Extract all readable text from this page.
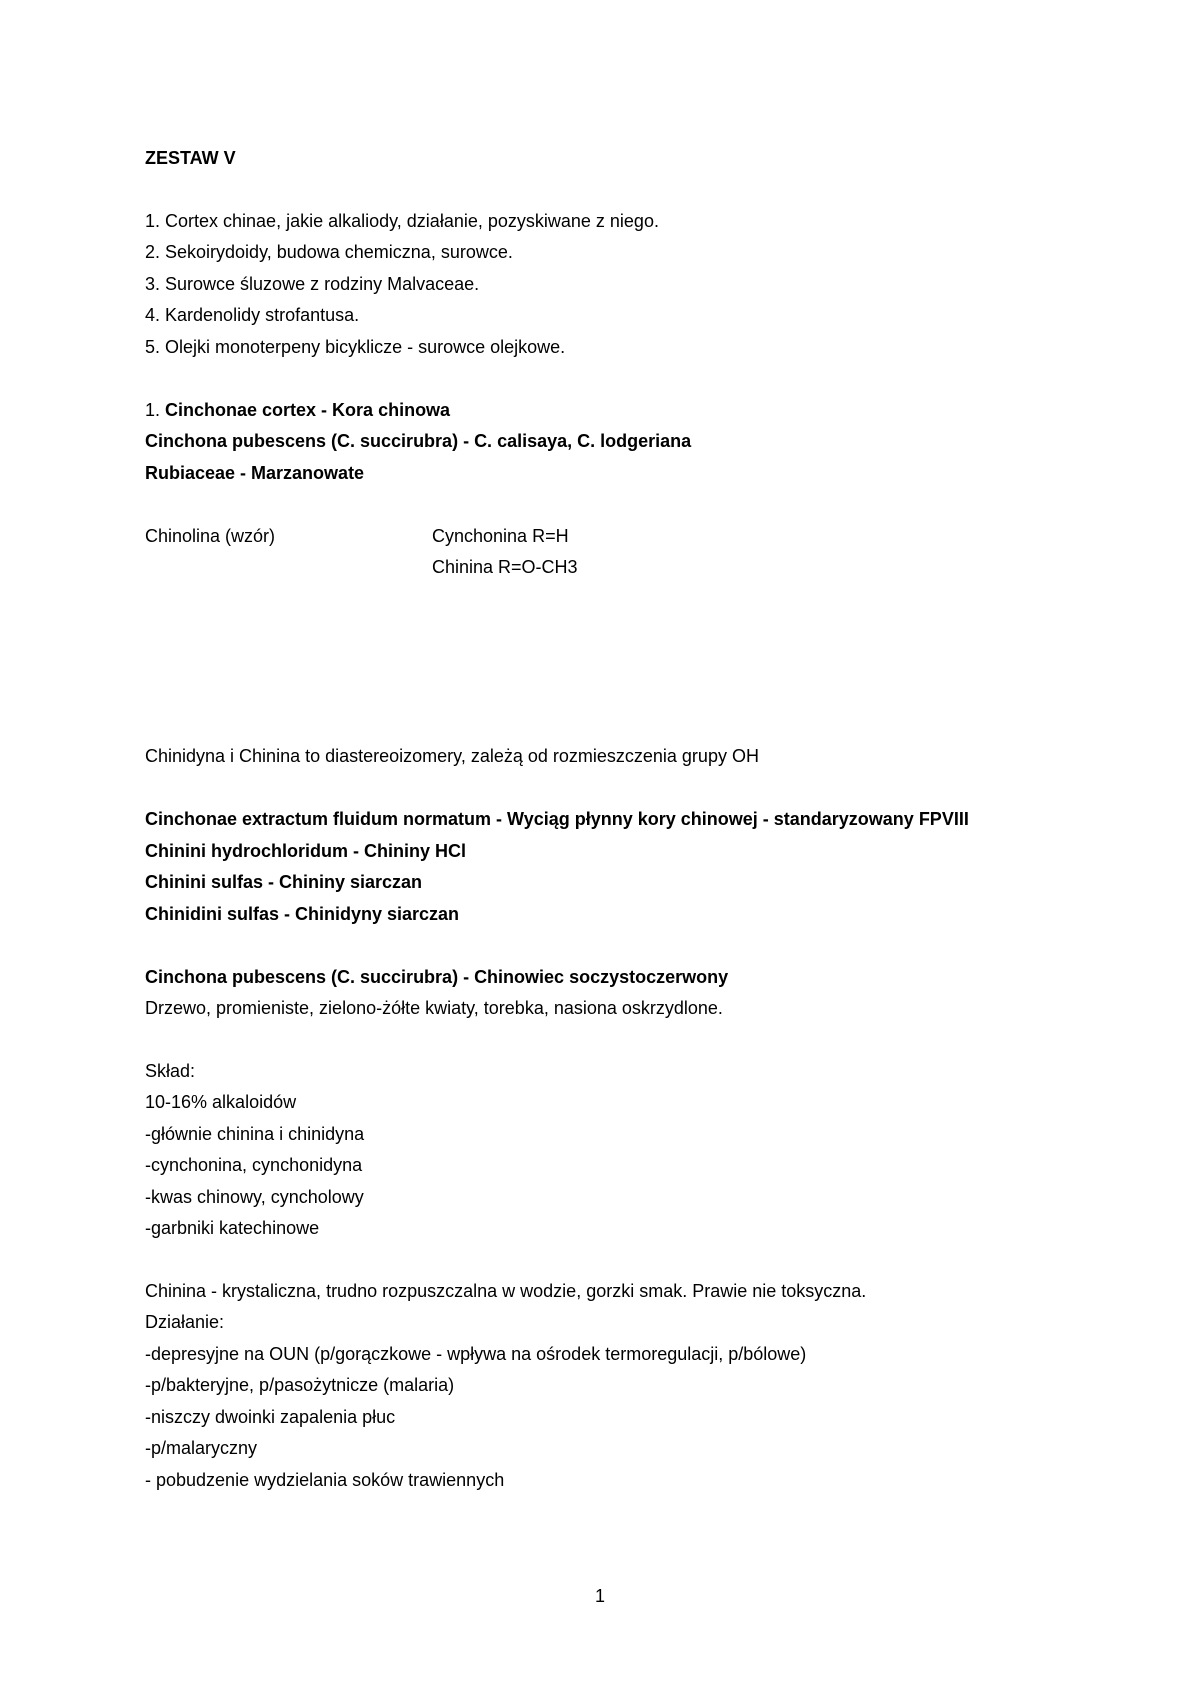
ZESTAW V
1. Cortex chinae, jakie alkaliody, działanie, pozyskiwane z niego.
2. Sekoirydoidy, budowa chemiczna, surowce.
3. Surowce śluzowe z rodziny Malvaceae.
4. Kardenolidy strofantusa.
5. Olejki monoterpeny bicyklicze - surowce olejkowe.
1. Cinchonae cortex - Kora chinowa
Cinchona pubescens (C. succirubra) - C. calisaya, C. lodgeriana
Rubiaceae - Marzanowate
Chinolina (wzór)	Cynchonina R=H
Chinina R=O-CH3
Chinidyna i Chinina to diastereoizomery, zależą od rozmieszczenia grupy OH
Cinchonae extractum fluidum normatum - Wyciąg płynny kory chinowej - standaryzowany FPVIII
Chinini hydrochloridum - Chininy HCl
Chinini sulfas - Chininy siarczan
Chinidini sulfas - Chinidyny siarczan
Cinchona pubescens (C. succirubra) - Chinowiec soczystoczerwony
Drzewo, promieniste, zielono-żółte kwiaty, torebka, nasiona oskrzydlone.
Skład:
10-16% alkaloidów
-głównie chinina i chinidyna
-cynchonina, cynchonidyna
-kwas chinowy, cyncholowy
-garbniki katechinowe
Chinina - krystaliczna, trudno rozpuszczalna w wodzie, gorzki smak. Prawie nie toksyczna.
Działanie:
-depresyjne na OUN (p/gorączkowe - wpływa na ośrodek termoregulacji, p/bólowe)
-p/bakteryjne, p/pasożytnicze (malaria)
-niszczy dwoinki zapalenia płuc
-p/malaryczny
- pobudzenie wydzielania soków trawiennych
1
